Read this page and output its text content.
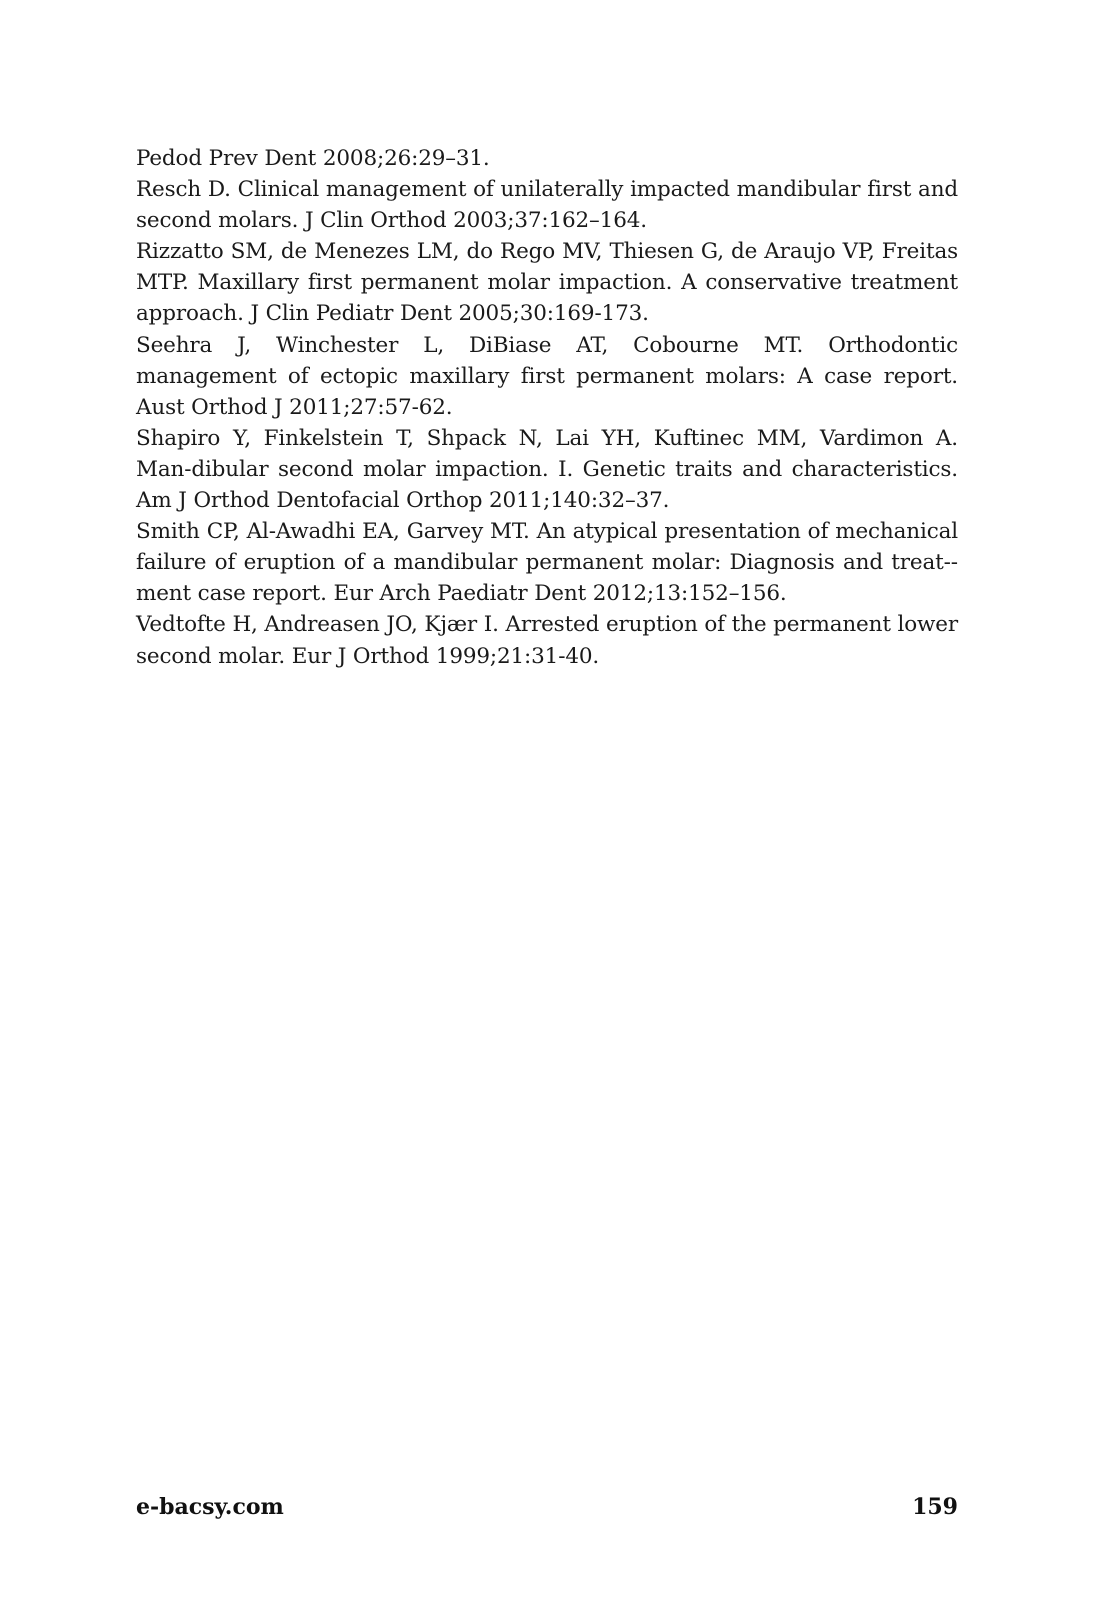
Pedod Prev Dent 2008;26:29–31.

Resch D. Clinical management of unilaterally impacted mandibular first and second molars. J Clin Orthod 2003;37:162–164.

Rizzatto SM, de Menezes LM, do Rego MV, Thiesen G, de Araujo VP, Freitas MTP. Maxillary first permanent molar impaction. A conservative treatment approach. J Clin Pediatr Dent 2005;30:169-173.

Seehra J, Winchester L, DiBiase AT, Cobourne MT. Orthodontic management of ectopic maxillary first permanent molars: A case report. Aust Orthod J 2011;27:57-62.

Shapiro Y, Finkelstein T, Shpack N, Lai YH, Kuftinec MM, Vardimon A. Man-dibular second molar impaction. I. Genetic traits and characteristics. Am J Orthod Dentofacial Orthop 2011;140:32–37.

Smith CP, Al-Awadhi EA, Garvey MT. An atypical presentation of mechanical failure of eruption of a mandibular permanent molar: Diagnosis and treat-ment case report. Eur Arch Paediatr Dent 2012;13:152–156.

Vedtofte H, Andreasen JO, Kjær I. Arrested eruption of the permanent lower second molar. Eur J Orthod 1999;21:31-40.

e-bacsy.com	159
